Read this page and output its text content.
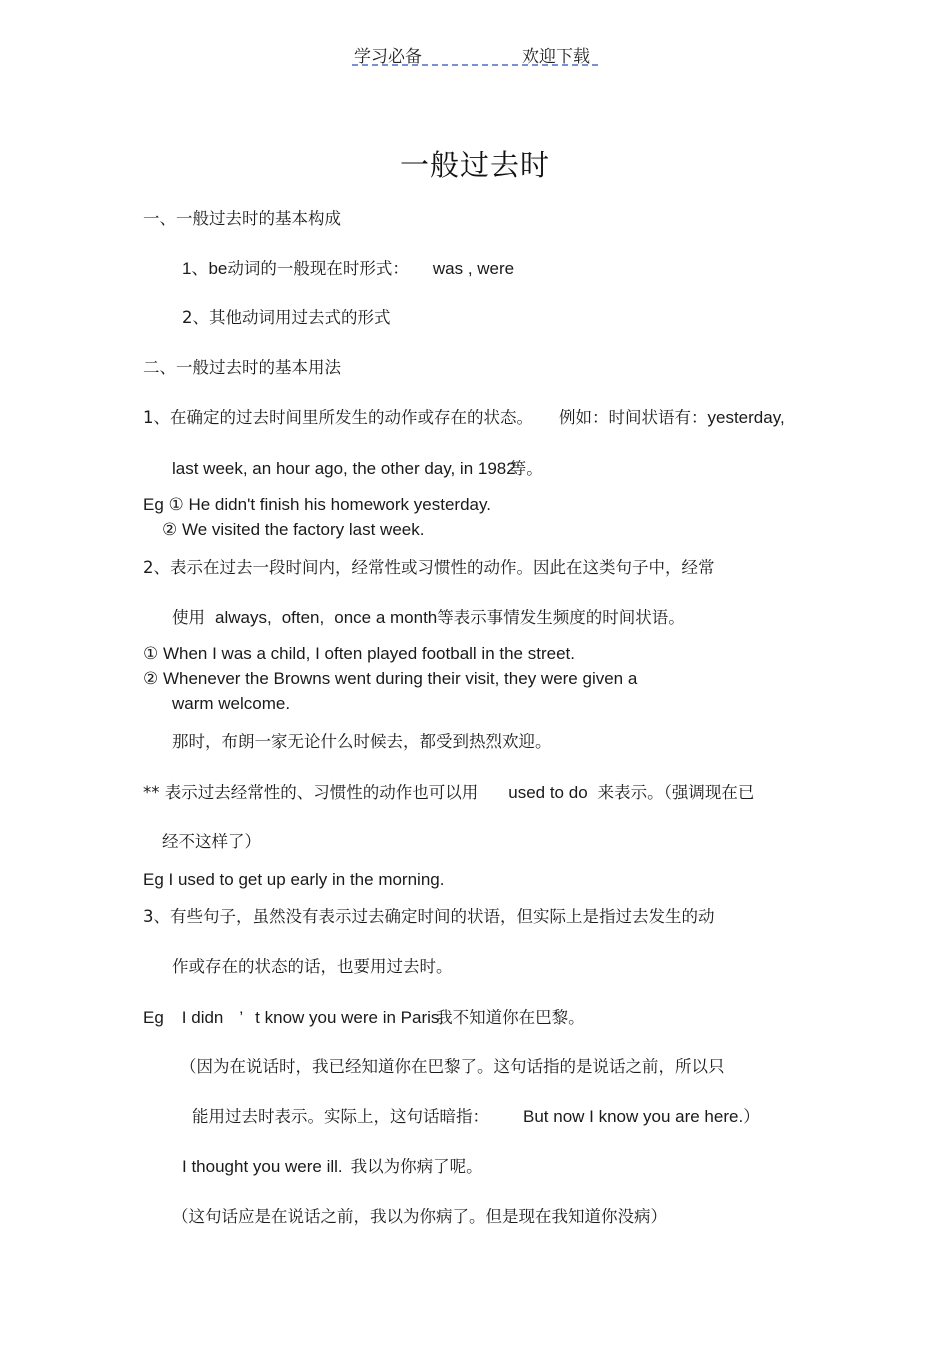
学习必备	欢迎下载
一般过去时
一、一般过去时的基本构成
1、be动词的一般现在时形式： was , were
2、其他动词用过去式的形式
二、一般过去时的基本用法
1、在确定的过去时间里所发生的动作或存在的状态。 例如：时间状语有：yesterday,
last week, an hour ago, the other day, in 1982等。
Eg ① He didn't finish his homework yesterday.
② We visited the factory last week.
2、表示在过去一段时间内，经常性或习惯性的动作。因此在这类句子中，经常
使用 always, often, once a month等表示事情发生频度的时间状语。
① When I was a child, I often played football in the street.
② Whenever the Browns went during their visit, they were given a
warm welcome.
那时，布朗一家无论什么时候去，都受到热烈欢迎。
** 表示过去经常性的、习惯性的动作也可以用 used to do 来表示。（强调现在已
经不这样了）
Eg I used to get up early in the morning.
3、有些句子，虽然没有表示过去确定时间的状语，但实际上是指过去发生的动
作或存在的状态的话，也要用过去时。
Eg I didn ’ t know you were in Paris.我不知道你在巴黎。
（因为在说话时，我已经知道你在巴黎了。这句话指的是说话之前，所以只
能用过去时表示。实际上，这句话暗指： But now I know you are here.）
I thought you were ill. 我以为你病了呢。
（这句话应是在说话之前，我以为你病了。但是现在我知道你没病）
